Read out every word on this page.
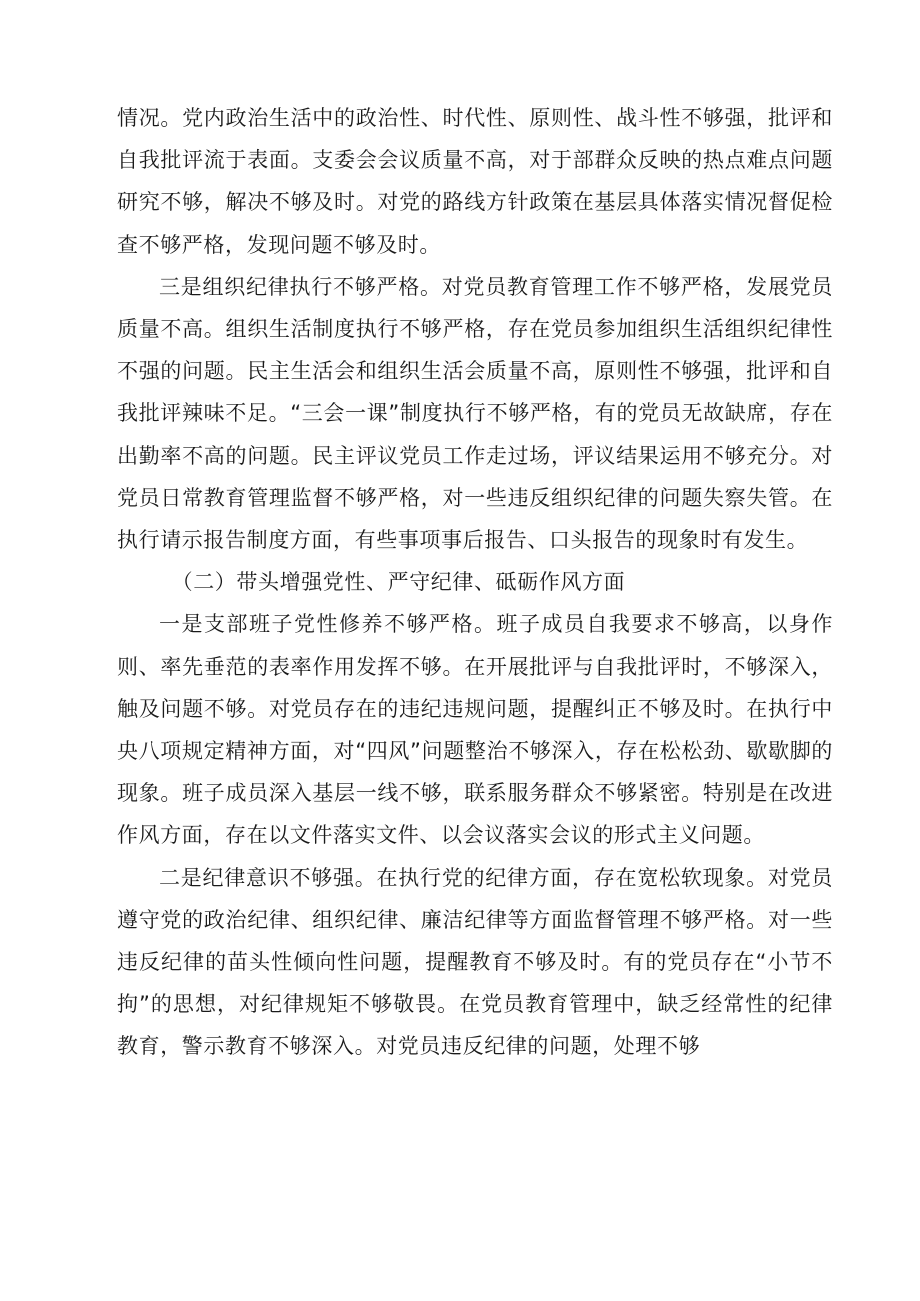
情况。党内政治生活中的政治性、时代性、原则性、战斗性不够强，批评和自我批评流于表面。支委会会议质量不高，对于部群众反映的热点难点问题研究不够，解决不够及时。对党的路线方针政策在基层具体落实情况督促检查不够严格，发现问题不够及时。

三是组织纪律执行不够严格。对党员教育管理工作不够严格，发展党员质量不高。组织生活制度执行不够严格，存在党员参加组织生活组织纪律性不强的问题。民主生活会和组织生活会质量不高，原则性不够强，批评和自我批评辣味不足。“三会一课”制度执行不够严格，有的党员无故缺席，存在出勤率不高的问题。民主评议党员工作走过场，评议结果运用不够充分。对党员日常教育管理监督不够严格，对一些违反组织纪律的问题失察失管。在执行请示报告制度方面，有些事项事后报告、口头报告的现象时有发生。

（二）带头增强党性、严守纪律、砥砺作风方面

一是支部班子党性修养不够严格。班子成员自我要求不够高，以身作则、率先垂范的表率作用发挥不够。在开展批评与自我批评时，不够深入，触及问题不够。对党员存在的违纪违规问题，提醒纠正不够及时。在执行中央八项规定精神方面，对“四风”问题整治不够深入，存在松松劲、歇歇脚的现象。班子成员深入基层一线不够，联系服务群众不够紧密。特别是在改进作风方面，存在以文件落实文件、以会议落实会议的形式主义问题。

二是纪律意识不够强。在执行党的纪律方面，存在宽松软现象。对党员遵守党的政治纪律、组织纪律、廉洁纪律等方面监督管理不够严格。对一些违反纪律的苗头性倾向性问题，提醒教育不够及时。有的党员存在“小节不拘”的思想，对纪律规矩不够敬畏。在党员教育管理中，缺乏经常性的纪律教育，警示教育不够深入。对党员违反纪律的问题，处理不够
